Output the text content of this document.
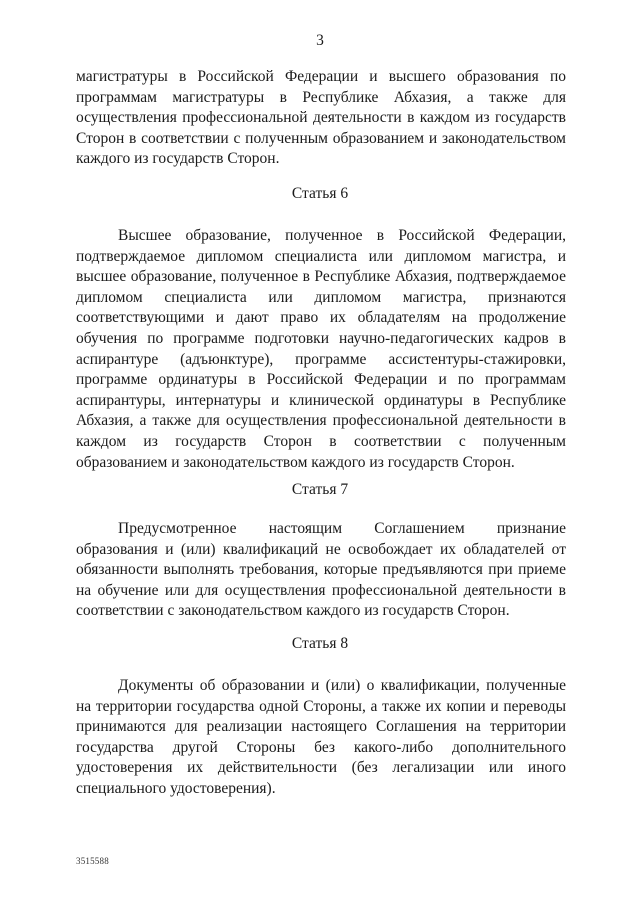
3

магистратуры в Российской Федерации и высшего образования по программам магистратуры в Республике Абхазия, а также для осуществления профессиональной деятельности в каждом из государств Сторон в соответствии с полученным образованием и законодательством каждого из государств Сторон.

Статья 6

Высшее образование, полученное в Российской Федерации, подтверждаемое дипломом специалиста или дипломом магистра, и высшее образование, полученное в Республике Абхазия, подтверждаемое дипломом специалиста или дипломом магистра, признаются соответствующими и дают право их обладателям на продолжение обучения по программе подготовки научно-педагогических кадров в аспирантуре (адъюнктуре), программе ассистентуры-стажировки, программе ординатуры в Российской Федерации и по программам аспирантуры, интернатуры и клинической ординатуры в Республике Абхазия, а также для осуществления профессиональной деятельности в каждом из государств Сторон в соответствии с полученным образованием и законодательством каждого из государств Сторон.

Статья 7

Предусмотренное настоящим Соглашением признание образования и (или) квалификаций не освобождает их обладателей от обязанности выполнять требования, которые предъявляются при приеме на обучение или для осуществления профессиональной деятельности в соответствии с законодательством каждого из государств Сторон.

Статья 8

Документы об образовании и (или) о квалификации, полученные на территории государства одной Стороны, а также их копии и переводы принимаются для реализации настоящего Соглашения на территории государства другой Стороны без какого-либо дополнительного удостоверения их действительности (без легализации или иного специального удостоверения).

3515588
